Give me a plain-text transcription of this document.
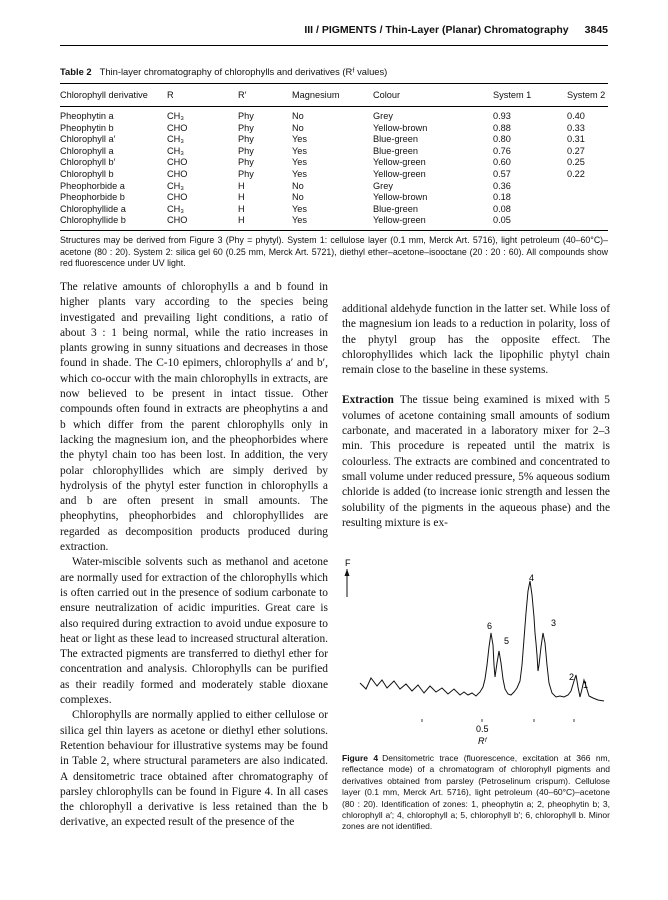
III / PIGMENTS / Thin-Layer (Planar) Chromatography 3845
Table 2 Thin-layer chromatography of chlorophylls and derivatives (Rᶠ values)
Chlorophyll derivative R	R′	Magnesium	Colour	System 1	System 2
Pheophytin a	CH₃	Phy	No	Grey	0.93	0.40
Pheophytin b	CHO	Phy	No	Yellow-brown	0.88	0.33
Chlorophyll a′	CH₃	Phy	Yes	Blue-green	0.80	0.31
Chlorophyll a	CH₃	Phy	Yes	Blue-green	0.76	0.27
Chlorophyll b′	CHO	Phy	Yes	Yellow-green	0.60	0.25
Chlorophyll b	CHO	Phy	Yes	Yellow-green	0.57	0.22
Pheophorbide a	CH₃	H	No	Grey	0.36
Pheophorbide b	CHO	H	No	Yellow-brown	0.18
Chlorophyllide a	CH₃	H	Yes	Blue-green	0.08
Chlorophyllide b	CHO	H	Yes	Yellow-green	0.05
Structures may be derived from Figure 3 (Phy = phytyl). System 1: cellulose layer (0.1 mm, Merck Art. 5716), light petroleum (40–60°C)–acetone (80 : 20). System 2: silica gel 60 (0.25 mm, Merck Art. 5721), diethyl ether–acetone–isooctane (20 : 20 : 60). All compounds show red fluorescence under UV light.

The relative amounts of chlorophylls a and b found in higher plants vary according to the species being investigated and prevailing light conditions, a ratio of about 3 : 1 being normal, while the ratio increases in plants growing in sunny situations and decreases in those found in shade. The C-10 epimers, chlorophylls a′ and b′, which co-occur with the main chlorophylls in extracts, are now believed to be present in intact tissue. Other compounds often found in extracts are pheophytins a and b which differ from the parent chlorophylls only in lacking the magnesium ion, and the pheophorbides where the phytyl chain too has been lost. In addition, the very polar chlorophyllides which are simply derived by hydrolysis of the phytyl ester function in chlorophylls a and b are often present in small amounts. The pheophytins, pheophorbides and chlorophyllides are regarded as decomposition products produced during extraction.

Water-miscible solvents such as methanol and acetone are normally used for extraction of the chlorophylls which is often carried out in the presence of sodium carbonate to ensure neutralization of acidic impurities. Great care is also required during extraction to avoid undue exposure to heat or light as these lead to increased structural alteration. The extracted pigments are transferred to diethyl ether for concentration and analysis. Chlorophylls can be purified as their readily formed and moderately stable dioxane complexes.

Chlorophylls are normally applied to either cellulose or silica gel thin layers as acetone or diethyl ether solutions. Retention behaviour for illustrative systems may be found in Table 2, where structural parameters are also indicated. A densitometric trace obtained after chromatography of parsley chlorophylls can be found in Figure 4. In all cases the chlorophyll a derivative is less retained than the b derivative, an expected result of the presence of the

additional aldehyde function in the latter set. While loss of the magnesium ion leads to a reduction in polarity, loss of the phytyl group has the opposite effect. The chlorophyllides which lack the lipophilic phytyl chain remain close to the baseline in these systems.

Extraction The tissue being examined is mixed with 5 volumes of acetone containing small amounts of sodium carbonate, and macerated in a laboratory mixer for 2–3 min. This procedure is repeated until the matrix is colourless. The extracts are combined and concentrated to small volume under reduced pressure, 5% aqueous sodium chloride is added (to increase ionic strength and lessen the solubility of the pigments in the aqueous phase) and the resulting mixture is ex-

F
4
3
6
5
2
1
0.5
Rᶠ
Figure 4 Densitometric trace (fluorescence, excitation at 366 nm, reflectance mode) of a chromatogram of chlorophyll pigments and derivatives obtained from parsley (Petroselinum crispum). Cellulose layer (0.1 mm, Merck Art. 5716), light petroleum (40–60°C)–acetone (80 : 20). Identification of zones: 1, pheophytin a; 2, pheophytin b; 3, chlorophyll a′; 4, chlorophyll a; 5, chlorophyll b′; 6, chlorophyll b. Minor zones are not identified.
